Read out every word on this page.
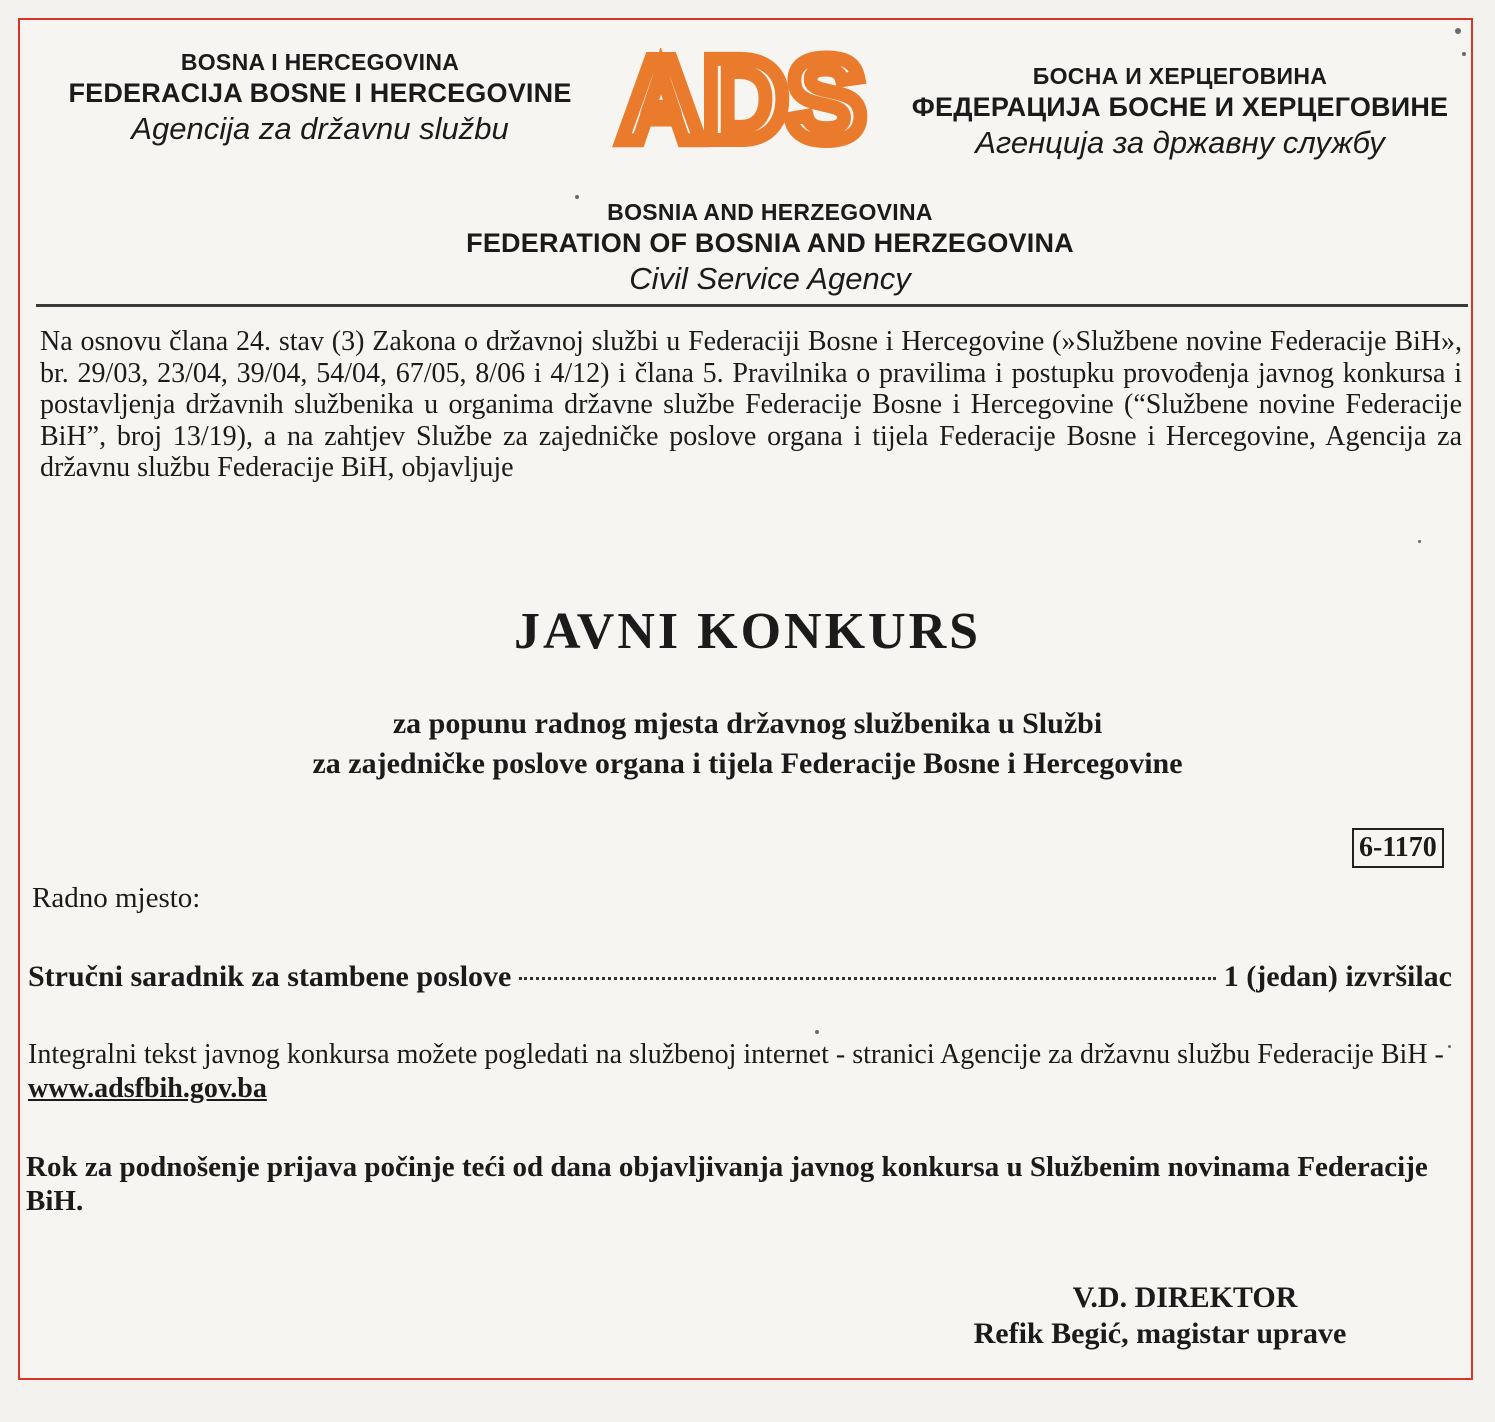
BOSNA I HERCEGOVINA
FEDERACIJA BOSNE I HERCEGOVINE
Agencija za državnu službu ADS	БОСНА И ХЕРЦЕГОВИНА
ФЕДЕРАЦИЈА БОСНЕ И ХЕРЦЕГОВИНЕ
Агенција за државну службу
BOSNIA AND HERZEGOVINA
FEDERATION OF BOSNIA AND HERZEGOVINA
Civil Service Agency
Na osnovu člana 24. stav (3) Zakona o državnoj službi u Federaciji Bosne i Hercegovine (»Službene novine Federacije BiH», br. 29/03, 23/04, 39/04, 54/04, 67/05, 8/06 i 4/12) i člana 5. Pravilnika o pravilima i postupku provođenja javnog konkursa i postavljenja državnih službenika u organima državne službe Federacije Bosne i Hercegovine (“Službene novine Federacije BiH”, broj 13/19), a na zahtjev Službe za zajedničke poslove organa i tijela Federacije Bosne i Hercegovine, Agencija za državnu službu Federacije BiH, objavljuje
JAVNI KONKURS
za popunu radnog mjesta državnog službenika u Službi
za zajedničke poslove organa i tijela Federacije Bosne i Hercegovine
6-1170
Radno mjesto:
Stručni saradnik za stambene poslove	1 (jedan) izvršilac
Integralni tekst javnog konkursa možete pogledati na službenoj internet - stranici Agencije za državnu službu Federacije BiH - www.adsfbih.gov.ba
Rok za podnošenje prijava počinje teći od dana objavljivanja javnog konkursa u Službenim novinama Federacije BiH.
V.D. DIREKTOR
Refik Begić, magistar uprave
